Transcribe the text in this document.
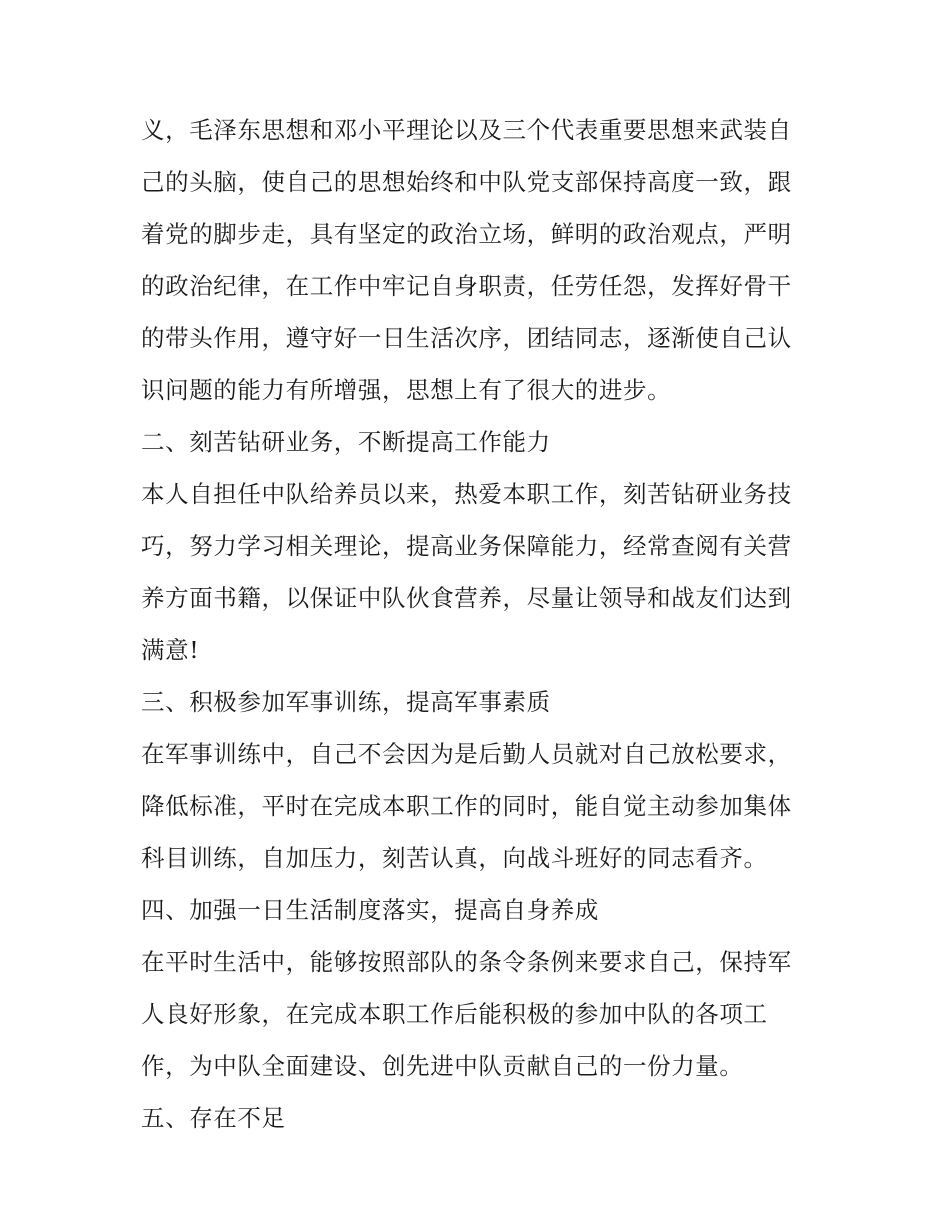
义，毛泽东思想和邓小平理论以及三个代表重要思想来武装自
己的头脑，使自己的思想始终和中队党支部保持高度一致，跟
着党的脚步走，具有坚定的政治立场，鲜明的政治观点，严明
的政治纪律，在工作中牢记自身职责，任劳任怨，发挥好骨干
的带头作用，遵守好一日生活次序，团结同志，逐渐使自己认
识问题的能力有所增强，思想上有了很大的进步。
二、刻苦钻研业务，不断提高工作能力
本人自担任中队给养员以来，热爱本职工作，刻苦钻研业务技
巧，努力学习相关理论，提高业务保障能力，经常查阅有关营
养方面书籍，以保证中队伙食营养，尽量让领导和战友们达到
满意!
三、积极参加军事训练，提高军事素质
在军事训练中，自己不会因为是后勤人员就对自己放松要求，
降低标准，平时在完成本职工作的同时，能自觉主动参加集体
科目训练，自加压力，刻苦认真，向战斗班好的同志看齐。
四、加强一日生活制度落实，提高自身养成
在平时生活中，能够按照部队的条令条例来要求自己，保持军
人良好形象，在完成本职工作后能积极的参加中队的各项工
作，为中队全面建设、创先进中队贡献自己的一份力量。
五、存在不足
